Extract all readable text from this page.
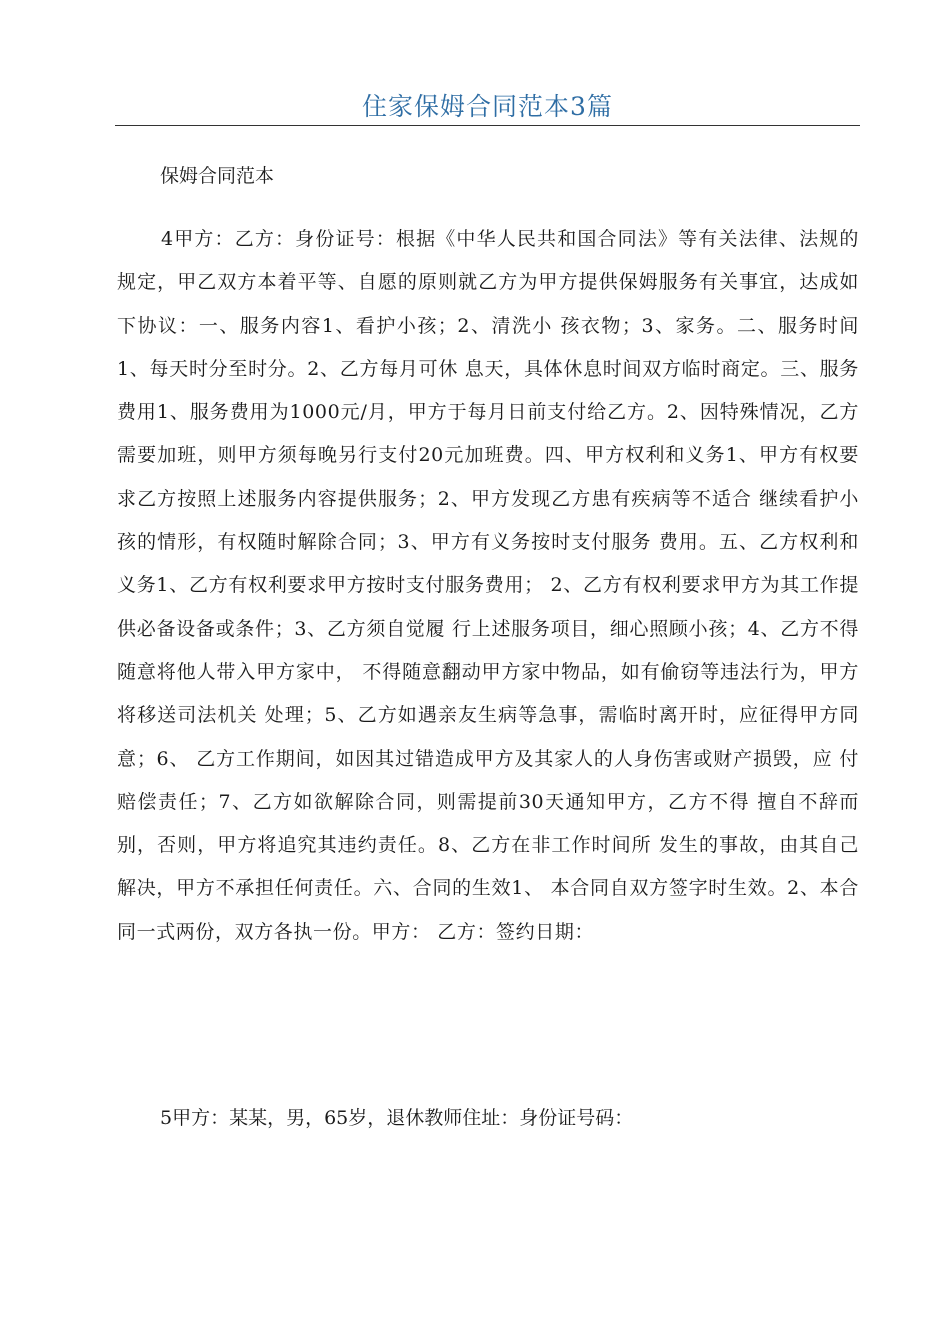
住家保姆合同范本3篇
保姆合同范本
4甲方：乙方：身份证号：根据《中华人民共和国合同法》等有关法律、法规的规定，甲乙双方本着平等、自愿的原则就乙方为甲方提供保姆服务有关事宜，达成如下协议：一、服务内容1、看护小孩；2、清洗小 孩衣物；3、家务。二、服务时间1、每天时分至时分。2、乙方每月可休 息天，具体休息时间双方临时商定。三、服务费用1、服务费用为1000元/月，甲方于每月日前支付给乙方。2、因特殊情况，乙方需要加班，则甲方须每晚另行支付20元加班费。四、甲方权利和义务1、甲方有权要 求乙方按照上述服务内容提供服务；2、甲方发现乙方患有疾病等不适合 继续看护小孩的情形，有权随时解除合同；3、甲方有义务按时支付服务 费用。五、乙方权利和义务1、乙方有权利要求甲方按时支付服务费用； 2、乙方有权利要求甲方为其工作提供必备设备或条件；3、乙方须自觉履 行上述服务项目，细心照顾小孩；4、乙方不得随意将他人带入甲方家中， 不得随意翻动甲方家中物品，如有偷窃等违法行为，甲方将移送司法机关 处理；5、乙方如遇亲友生病等急事，需临时离开时，应征得甲方同意；6、 乙方工作期间，如因其过错造成甲方及其家人的人身伤害或财产损毁，应 付赔偿责任；7、乙方如欲解除合同，则需提前30天通知甲方，乙方不得 擅自不辞而别，否则，甲方将追究其违约责任。8、乙方在非工作时间所 发生的事故，由其自己解决，甲方不承担任何责任。六、合同的生效1、 本合同自双方签字时生效。2、本合同一式两份，双方各执一份。甲方： 乙方：签约日期：
5甲方：某某，男，65岁，退休教师住址：身份证号码：
